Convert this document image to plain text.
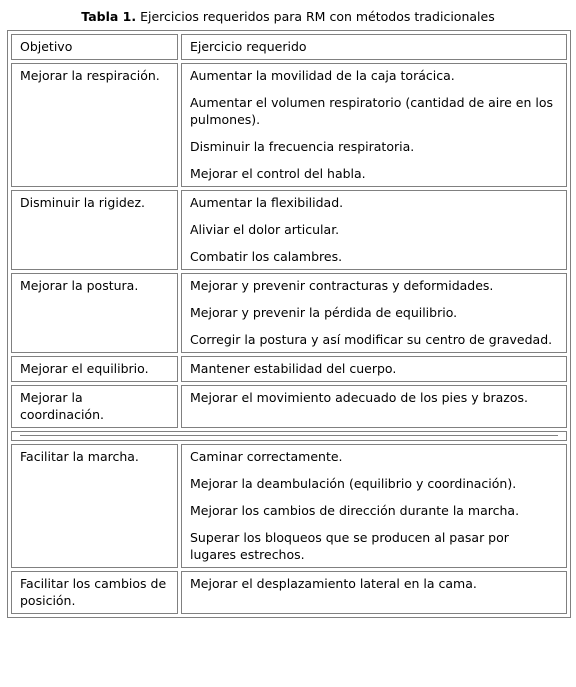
Tabla 1. Ejercicios requeridos para RM con métodos tradicionales
Objetivo	Ejercicio requerido
Mejorar la respiración.	Aumentar la movilidad de la caja torácica.

Aumentar el volumen respiratorio (cantidad de aire en los pulmones).

Disminuir la frecuencia respiratoria.

Mejorar el control del habla.

Disminuir la rigidez.	Aumentar la flexibilidad.

Aliviar el dolor articular.

Combatir los calambres.

Mejorar la postura.	Mejorar y prevenir contracturas y deformidades.

Mejorar y prevenir la pérdida de equilibrio.

Corregir la postura y así modificar su centro de gravedad.

Mejorar el equilibrio.	Mantener estabilidad del cuerpo.

Mejorar la coordinación.	Mejorar el movimiento adecuado de los pies y brazos.

Facilitar la marcha.	Caminar correctamente.

Mejorar la deambulación (equilibrio y coordinación).

Mejorar los cambios de dirección durante la marcha.

Superar los bloqueos que se producen al pasar por lugares estrechos.

Facilitar los cambios de posición.	Mejorar el desplazamiento lateral en la cama.
